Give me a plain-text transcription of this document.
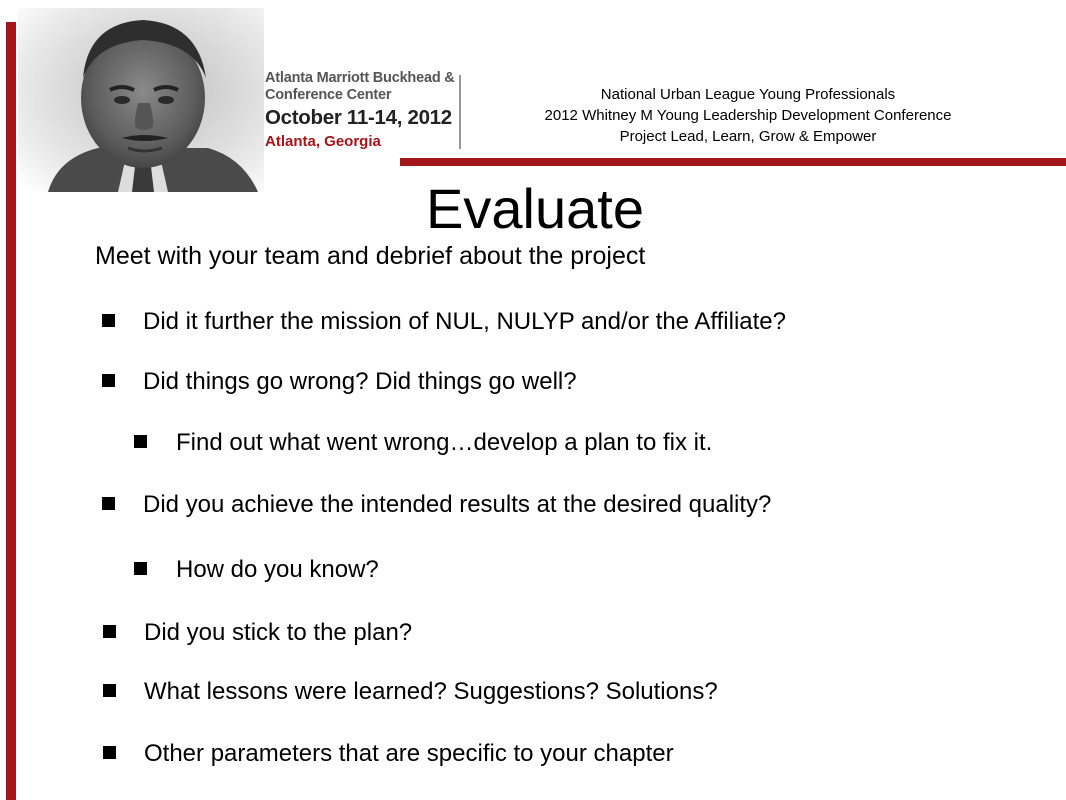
Atlanta Marriott Buckhead &
Conference Center
October 11-14, 2012
Atlanta, Georgia
National Urban League Young Professionals
2012 Whitney M Young Leadership Development Conference
Project Lead, Learn, Grow & Empower
Evaluate
Meet with your team and debrief about the project
Did it further the mission of NUL, NULYP and/or the Affiliate?
Did things go wrong? Did things go well?
Find out what went wrong…develop a plan to fix it.
Did you achieve the intended results at the desired quality?
How do you know?
Did you stick to the plan?
What lessons were learned? Suggestions? Solutions?
Other parameters that are specific to your chapter
